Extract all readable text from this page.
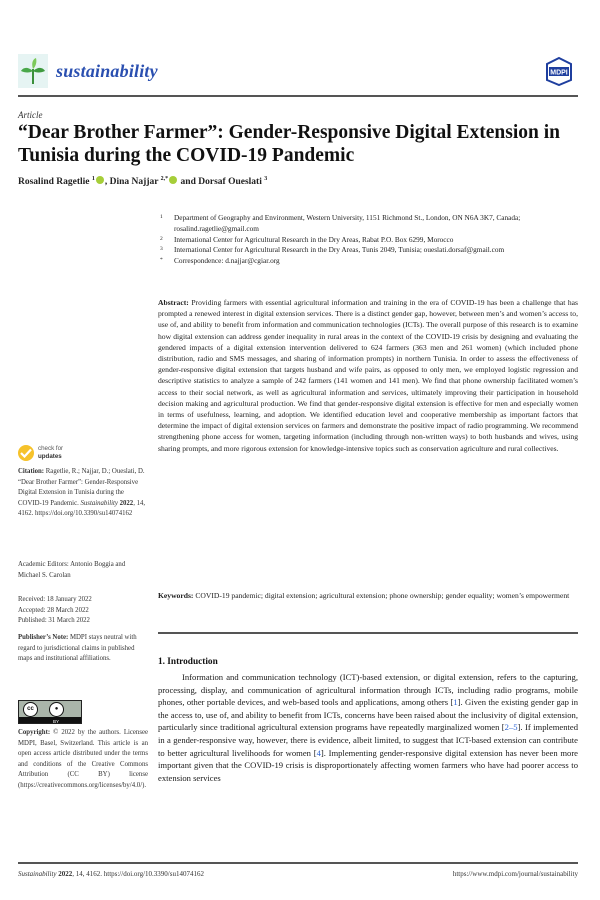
sustainability	MDPI
Article
“Dear Brother Farmer”: Gender-Responsive Digital Extension in Tunisia during the COVID-19 Pandemic
Rosalind Ragetlie $^1$ , Dina Najjar $^{2,*}$ and Dorsaf Oueslati $^3$
1 Department of Geography and Environment, Western University, 1151 Richmond St., London, ON N6A 3K7, Canada; rosalind.ragetlie@gmail.com
2 International Center for Agricultural Research in the Dry Areas, Rabat P.O. Box 6299, Morocco
3 International Center for Agricultural Research in the Dry Areas, Tunis 2049, Tunisia; oueslati.dorsaf@gmail.com
* Correspondence: d.najjar@cgiar.org
Abstract: Providing farmers with essential agricultural information and training in the era of COVID-19 has been a challenge that has prompted a renewed interest in digital extension services. There is a distinct gender gap, however, between men’s and women’s access to, use of, and ability to benefit from information and communication technologies (ICTs). The overall purpose of this research is to examine how digital extension can address gender inequality in rural areas in the context of the COVID-19 crisis by designing and evaluating the gendered impacts of a digital extension intervention delivered to 624 farmers (363 men and 261 women) (which included phone distribution, radio and SMS messages, and sharing of information prompts) in northern Tunisia. In order to assess the effectiveness of gender-responsive digital extension that targets husband and wife pairs, as opposed to only men, we employed logistic regression and descriptive statistics to analyze a sample of 242 farmers (141 women and 141 men). We find that phone ownership facilitated women’s access to their social network, as well as agricultural information and services, ultimately improving their participation in household decision making and agricultural production. We find that gender-responsive digital extension is effective for men and especially women in terms of usefulness, learning, and adoption. We identified education level and cooperative membership as important factors that determine the impact of digital extension services on farmers and demonstrate the positive impact of radio programming. We recommend strengthening phone access for women, targeting information (including through non-written ways) to both husbands and wives, using sharing prompts, and more rigorous extension for knowledge-intensive topics such as conservation agriculture and rural collectives.
Keywords: COVID-19 pandemic; digital extension; agricultural extension; phone ownership; gender equality; women’s empowerment
1. Introduction

Information and communication technology (ICT)-based extension, or digital extension, refers to the capturing, processing, display, and communication of agricultural information through ICTs, including radio programs, mobile phones, other portable devices, and web-based tools and applications, among others [1]. Given the existing gender gap in the access to, use of, and ability to benefit from ICTs, concerns have been raised about the inclusivity of digital extension, particularly since traditional agricultural extension programs have repeatedly marginalized women [2–5]. If implemented in a gender-responsive way, however, there is evidence, albeit limited, to suggest that ICT-based extension can contribute to better agricultural livelihoods for women [4]. Implementing gender-responsive digital extension has never been more important given that the COVID-19 crisis is disproportionately affecting women farmers who have had poorer access to extension services

check for
updates
Citation: Ragetlie, R.; Najjar, D.; Oueslati, D. “Dear Brother Farmer”: Gender-Responsive Digital Extension in Tunisia during the COVID-19 Pandemic. Sustainability 2022, 14, 4162. https://doi.org/10.3390/su14074162
Academic Editors: Antonio Boggia and Michael S. Carolan

Received: 18 January 2022

Accepted: 28 March 2022

Published: 31 March 2022

Publisher’s Note: MDPI stays neutral with regard to jurisdictional claims in published maps and institutional affiliations.
cc	●
BY
Copyright: © 2022 by the authors. Licensee MDPI, Basel, Switzerland. This article is an open access article distributed under the terms and conditions of the Creative Commons Attribution (CC BY) license (https://creativecommons.org/licenses/by/4.0/).
Sustainability 2022, 14, 4162. https://doi.org/10.3390/su14074162	https://www.mdpi.com/journal/sustainability
